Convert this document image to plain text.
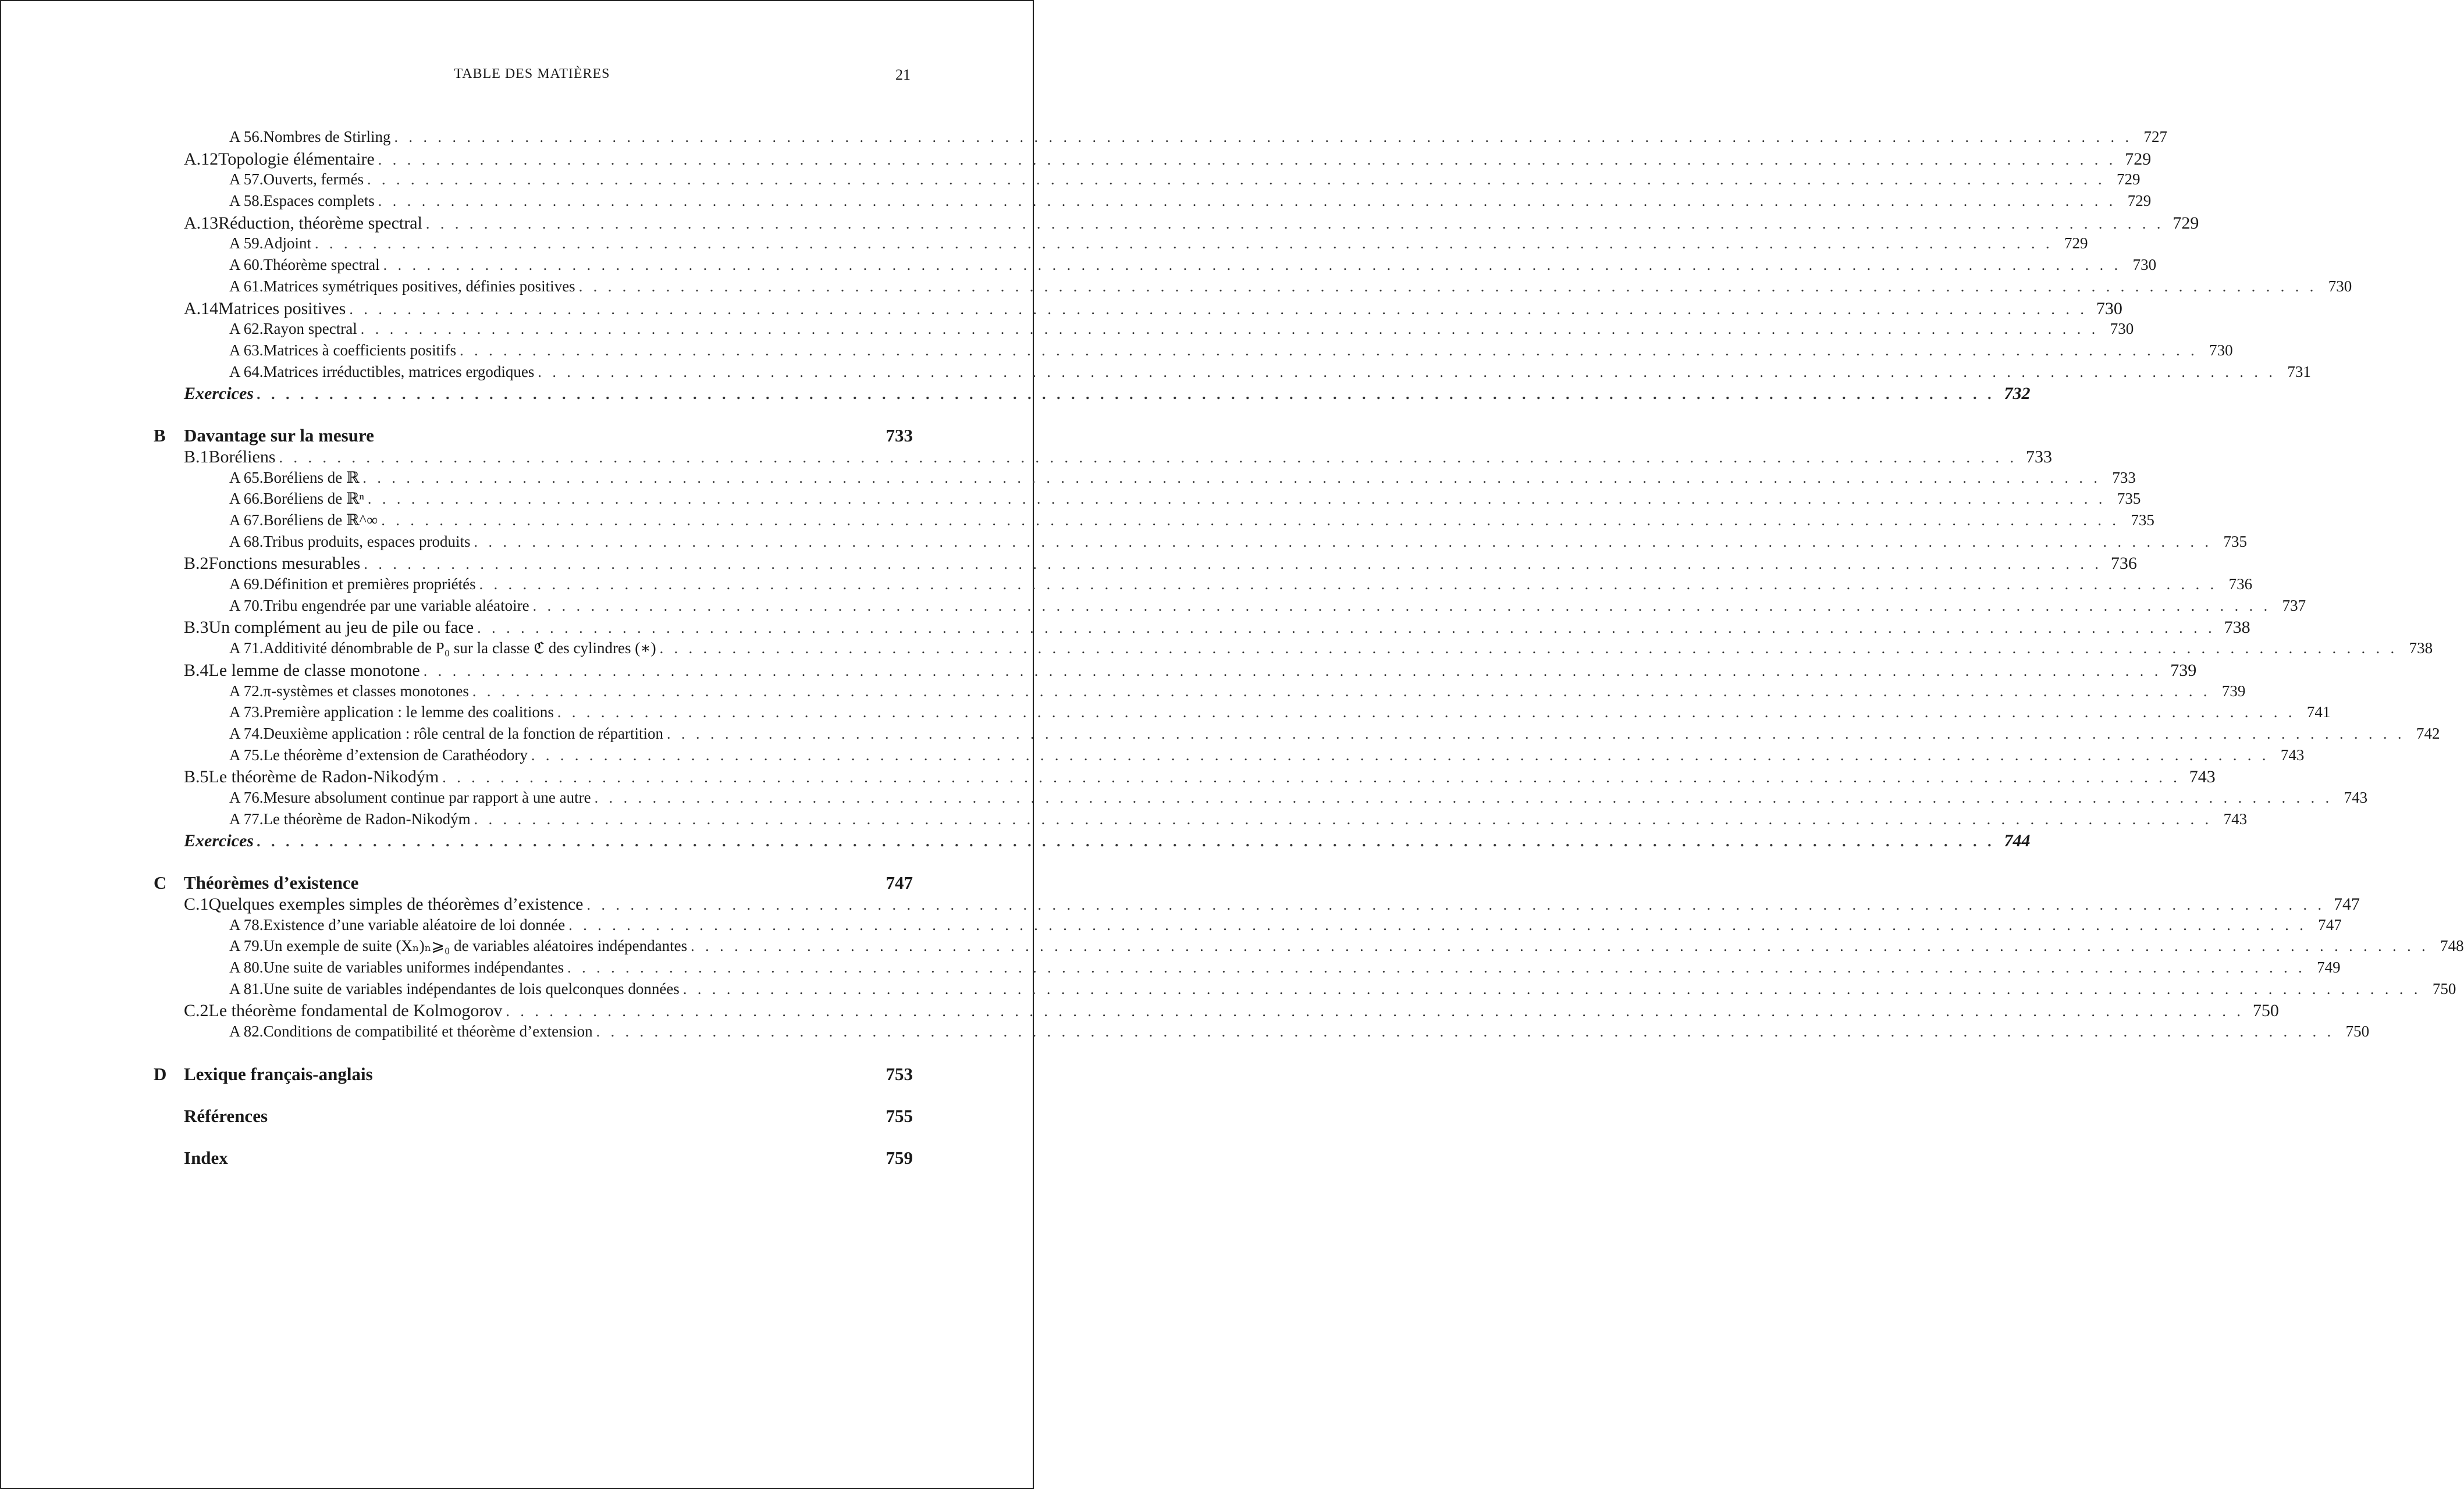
TABLE DES MATIÈRES	21
A 56. Nombres de Stirling . . . . . . . . . . . . . . . . . . . . . . . . . . . . . . . . . . . . . . . . . . . . . . . . . . . . . . . . . . . . . . . . . . . . . . . . . . . . . . . . . . . . . . . . . . . . . . . . . . . . . . . . . . . . . . . . . . . . . . . . 727
A.12 Topologie élémentaire . . . . . . . . . . . . . . . . . . . . . . . . . . . . . . . . . . . . . . . . . . . . . . . . . . . . . . . . . . . . . . . . . . . . . . . . . . . . . . . . . . . . . . . . . . . . . . . . . . . . . . . . . . . . . . . . . . . . . . . . 729
A 57. Ouverts, fermés . . . . . . . . . . . . . . . . . . . . . . . . . . . . . . . . . . . . . . . . . . . . . . . . . . . . . . . . . . . . . . . . . . . . . . . . . . . . . . . . . . . . . . . . . . . . . . . . . . . . . . . . . . . . . . . . . . . . . . . . 729
A 58. Espaces complets . . . . . . . . . . . . . . . . . . . . . . . . . . . . . . . . . . . . . . . . . . . . . . . . . . . . . . . . . . . . . . . . . . . . . . . . . . . . . . . . . . . . . . . . . . . . . . . . . . . . . . . . . . . . . . . . . . . . . . . . 729
A.13 Réduction, théorème spectral . . . . . . . . . . . . . . . . . . . . . . . . . . . . . . . . . . . . . . . . . . . . . . . . . . . . . . . . . . . . . . . . . . . . . . . . . . . . . . . . . . . . . . . . . . . . . . . . . . . . . . . . . . . . . . . . . . . . . . . . 729
A 59. Adjoint . . . . . . . . . . . . . . . . . . . . . . . . . . . . . . . . . . . . . . . . . . . . . . . . . . . . . . . . . . . . . . . . . . . . . . . . . . . . . . . . . . . . . . . . . . . . . . . . . . . . . . . . . . . . . . . . . . . . . . . . 729
A 60. Théorème spectral . . . . . . . . . . . . . . . . . . . . . . . . . . . . . . . . . . . . . . . . . . . . . . . . . . . . . . . . . . . . . . . . . . . . . . . . . . . . . . . . . . . . . . . . . . . . . . . . . . . . . . . . . . . . . . . . . . . . . . . . 730
A 61. Matrices symétriques positives, définies positives . . . . . . . . . . . . . . . . . . . . . . . . . . . . . . . . . . . . . . . . . . . . . . . . . . . . . . . . . . . . . . . . . . . . . . . . . . . . . . . . . . . . . . . . . . . . . . . . . . . . . . . . . . . . . . . . . . . . . . . . 730
A.14 Matrices positives . . . . . . . . . . . . . . . . . . . . . . . . . . . . . . . . . . . . . . . . . . . . . . . . . . . . . . . . . . . . . . . . . . . . . . . . . . . . . . . . . . . . . . . . . . . . . . . . . . . . . . . . . . . . . . . . . . . . . . . . 730
A 62. Rayon spectral . . . . . . . . . . . . . . . . . . . . . . . . . . . . . . . . . . . . . . . . . . . . . . . . . . . . . . . . . . . . . . . . . . . . . . . . . . . . . . . . . . . . . . . . . . . . . . . . . . . . . . . . . . . . . . . . . . . . . . . . 730
A 63. Matrices à coefficients positifs . . . . . . . . . . . . . . . . . . . . . . . . . . . . . . . . . . . . . . . . . . . . . . . . . . . . . . . . . . . . . . . . . . . . . . . . . . . . . . . . . . . . . . . . . . . . . . . . . . . . . . . . . . . . . . . . . . . . . . . . 730
A 64. Matrices irréductibles, matrices ergodiques . . . . . . . . . . . . . . . . . . . . . . . . . . . . . . . . . . . . . . . . . . . . . . . . . . . . . . . . . . . . . . . . . . . . . . . . . . . . . . . . . . . . . . . . . . . . . . . . . . . . . . . . . . . . . . . . . . . . . . . . 731
Exercices . . . . . . . . . . . . . . . . . . . . . . . . . . . . . . . . . . . . . . . . . . . . . . . . . . . . . . . . . . . . . . . . . . . . . . . . . . . . . . . . . . . . . . . . . . . . . . . . . . . . . . . . . . . . . . . . . . . . . . . . 732
B	Davantage sur la mesure	733
B.1 Boréliens . . . . . . . . . . . . . . . . . . . . . . . . . . . . . . . . . . . . . . . . . . . . . . . . . . . . . . . . . . . . . . . . . . . . . . . . . . . . . . . . . . . . . . . . . . . . . . . . . . . . . . . . . . . . . . . . . . . . . . . . 733
A 65. Boréliens de ℝ . . . . . . . . . . . . . . . . . . . . . . . . . . . . . . . . . . . . . . . . . . . . . . . . . . . . . . . . . . . . . . . . . . . . . . . . . . . . . . . . . . . . . . . . . . . . . . . . . . . . . . . . . . . . . . . . . . . . . . . . 733
A 66. Boréliens de ℝⁿ . . . . . . . . . . . . . . . . . . . . . . . . . . . . . . . . . . . . . . . . . . . . . . . . . . . . . . . . . . . . . . . . . . . . . . . . . . . . . . . . . . . . . . . . . . . . . . . . . . . . . . . . . . . . . . . . . . . . . . . . 735
A 67. Boréliens de ℝ^∞ . . . . . . . . . . . . . . . . . . . . . . . . . . . . . . . . . . . . . . . . . . . . . . . . . . . . . . . . . . . . . . . . . . . . . . . . . . . . . . . . . . . . . . . . . . . . . . . . . . . . . . . . . . . . . . . . . . . . . . . . 735
A 68. Tribus produits, espaces produits . . . . . . . . . . . . . . . . . . . . . . . . . . . . . . . . . . . . . . . . . . . . . . . . . . . . . . . . . . . . . . . . . . . . . . . . . . . . . . . . . . . . . . . . . . . . . . . . . . . . . . . . . . . . . . . . . . . . . . . . 735
B.2 Fonctions mesurables . . . . . . . . . . . . . . . . . . . . . . . . . . . . . . . . . . . . . . . . . . . . . . . . . . . . . . . . . . . . . . . . . . . . . . . . . . . . . . . . . . . . . . . . . . . . . . . . . . . . . . . . . . . . . . . . . . . . . . . . 736
A 69. Définition et premières propriétés . . . . . . . . . . . . . . . . . . . . . . . . . . . . . . . . . . . . . . . . . . . . . . . . . . . . . . . . . . . . . . . . . . . . . . . . . . . . . . . . . . . . . . . . . . . . . . . . . . . . . . . . . . . . . . . . . . . . . . . . 736
A 70. Tribu engendrée par une variable aléatoire . . . . . . . . . . . . . . . . . . . . . . . . . . . . . . . . . . . . . . . . . . . . . . . . . . . . . . . . . . . . . . . . . . . . . . . . . . . . . . . . . . . . . . . . . . . . . . . . . . . . . . . . . . . . . . . . . . . . . . . . 737
B.3 Un complément au jeu de pile ou face . . . . . . . . . . . . . . . . . . . . . . . . . . . . . . . . . . . . . . . . . . . . . . . . . . . . . . . . . . . . . . . . . . . . . . . . . . . . . . . . . . . . . . . . . . . . . . . . . . . . . . . . . . . . . . . . . . . . . . . . 738
A 71. Additivité dénombrable de P₀ sur la classe ℭ des cylindres (∗) . . . . . . . . . . . . . . . . . . . . . . . . . . . . . . . . . . . . . . . . . . . . . . . . . . . . . . . . . . . . . . . . . . . . . . . . . . . . . . . . . . . . . . . . . . . . . . . . . . . . . . . . . . . . . . . . . . . . . . . . 738
B.4 Le lemme de classe monotone . . . . . . . . . . . . . . . . . . . . . . . . . . . . . . . . . . . . . . . . . . . . . . . . . . . . . . . . . . . . . . . . . . . . . . . . . . . . . . . . . . . . . . . . . . . . . . . . . . . . . . . . . . . . . . . . . . . . . . . . 739
A 72. π-systèmes et classes monotones . . . . . . . . . . . . . . . . . . . . . . . . . . . . . . . . . . . . . . . . . . . . . . . . . . . . . . . . . . . . . . . . . . . . . . . . . . . . . . . . . . . . . . . . . . . . . . . . . . . . . . . . . . . . . . . . . . . . . . . . 739
A 73. Première application : le lemme des coalitions . . . . . . . . . . . . . . . . . . . . . . . . . . . . . . . . . . . . . . . . . . . . . . . . . . . . . . . . . . . . . . . . . . . . . . . . . . . . . . . . . . . . . . . . . . . . . . . . . . . . . . . . . . . . . . . . . . . . . . . . 741
A 74. Deuxième application : rôle central de la fonction de répartition . . . . . . . . . . . . . . . . . . . . . . . . . . . . . . . . . . . . . . . . . . . . . . . . . . . . . . . . . . . . . . . . . . . . . . . . . . . . . . . . . . . . . . . . . . . . . . . . . . . . . . . . . . . . . . . . . . . . . . . . 742
A 75. Le théorème d’extension de Carathéodory . . . . . . . . . . . . . . . . . . . . . . . . . . . . . . . . . . . . . . . . . . . . . . . . . . . . . . . . . . . . . . . . . . . . . . . . . . . . . . . . . . . . . . . . . . . . . . . . . . . . . . . . . . . . . . . . . . . . . . . . 743
B.5 Le théorème de Radon-Nikodým . . . . . . . . . . . . . . . . . . . . . . . . . . . . . . . . . . . . . . . . . . . . . . . . . . . . . . . . . . . . . . . . . . . . . . . . . . . . . . . . . . . . . . . . . . . . . . . . . . . . . . . . . . . . . . . . . . . . . . . . 743
A 76. Mesure absolument continue par rapport à une autre . . . . . . . . . . . . . . . . . . . . . . . . . . . . . . . . . . . . . . . . . . . . . . . . . . . . . . . . . . . . . . . . . . . . . . . . . . . . . . . . . . . . . . . . . . . . . . . . . . . . . . . . . . . . . . . . . . . . . . . . 743
A 77. Le théorème de Radon-Nikodým . . . . . . . . . . . . . . . . . . . . . . . . . . . . . . . . . . . . . . . . . . . . . . . . . . . . . . . . . . . . . . . . . . . . . . . . . . . . . . . . . . . . . . . . . . . . . . . . . . . . . . . . . . . . . . . . . . . . . . . . 743
Exercices . . . . . . . . . . . . . . . . . . . . . . . . . . . . . . . . . . . . . . . . . . . . . . . . . . . . . . . . . . . . . . . . . . . . . . . . . . . . . . . . . . . . . . . . . . . . . . . . . . . . . . . . . . . . . . . . . . . . . . . . 744
C Théorèmes d’existence	747
C.1 Quelques exemples simples de théorèmes d’existence . . . . . . . . . . . . . . . . . . . . . . . . . . . . . . . . . . . . . . . . . . . . . . . . . . . . . . . . . . . . . . . . . . . . . . . . . . . . . . . . . . . . . . . . . . . . . . . . . . . . . . . . . . . . . . . . . . . . . . . . 747
A 78. Existence d’une variable aléatoire de loi donnée . . . . . . . . . . . . . . . . . . . . . . . . . . . . . . . . . . . . . . . . . . . . . . . . . . . . . . . . . . . . . . . . . . . . . . . . . . . . . . . . . . . . . . . . . . . . . . . . . . . . . . . . . . . . . . . . . . . . . . . . 747
A 79. Un exemple de suite (Xₙ)ₙ⩾₀ de variables aléatoires indépendantes . . . . . . . . . . . . . . . . . . . . . . . . . . . . . . . . . . . . . . . . . . . . . . . . . . . . . . . . . . . . . . . . . . . . . . . . . . . . . . . . . . . . . . . . . . . . . . . . . . . . . . . . . . . . . . . . . . . . . . . . 748
A 80. Une suite de variables uniformes indépendantes . . . . . . . . . . . . . . . . . . . . . . . . . . . . . . . . . . . . . . . . . . . . . . . . . . . . . . . . . . . . . . . . . . . . . . . . . . . . . . . . . . . . . . . . . . . . . . . . . . . . . . . . . . . . . . . . . . . . . . . . 749
A 81. Une suite de variables indépendantes de lois quelconques données . . . . . . . . . . . . . . . . . . . . . . . . . . . . . . . . . . . . . . . . . . . . . . . . . . . . . . . . . . . . . . . . . . . . . . . . . . . . . . . . . . . . . . . . . . . . . . . . . . . . . . . . . . . . . . . . . . . . . . . . 750
C.2 Le théorème fondamental de Kolmogorov . . . . . . . . . . . . . . . . . . . . . . . . . . . . . . . . . . . . . . . . . . . . . . . . . . . . . . . . . . . . . . . . . . . . . . . . . . . . . . . . . . . . . . . . . . . . . . . . . . . . . . . . . . . . . . . . . . . . . . . . 750
A 82. Conditions de compatibilité et théorème d’extension . . . . . . . . . . . . . . . . . . . . . . . . . . . . . . . . . . . . . . . . . . . . . . . . . . . . . . . . . . . . . . . . . . . . . . . . . . . . . . . . . . . . . . . . . . . . . . . . . . . . . . . . . . . . . . . . . . . . . . . . 750
D Lexique français-anglais	753
Références	755
Index	759
